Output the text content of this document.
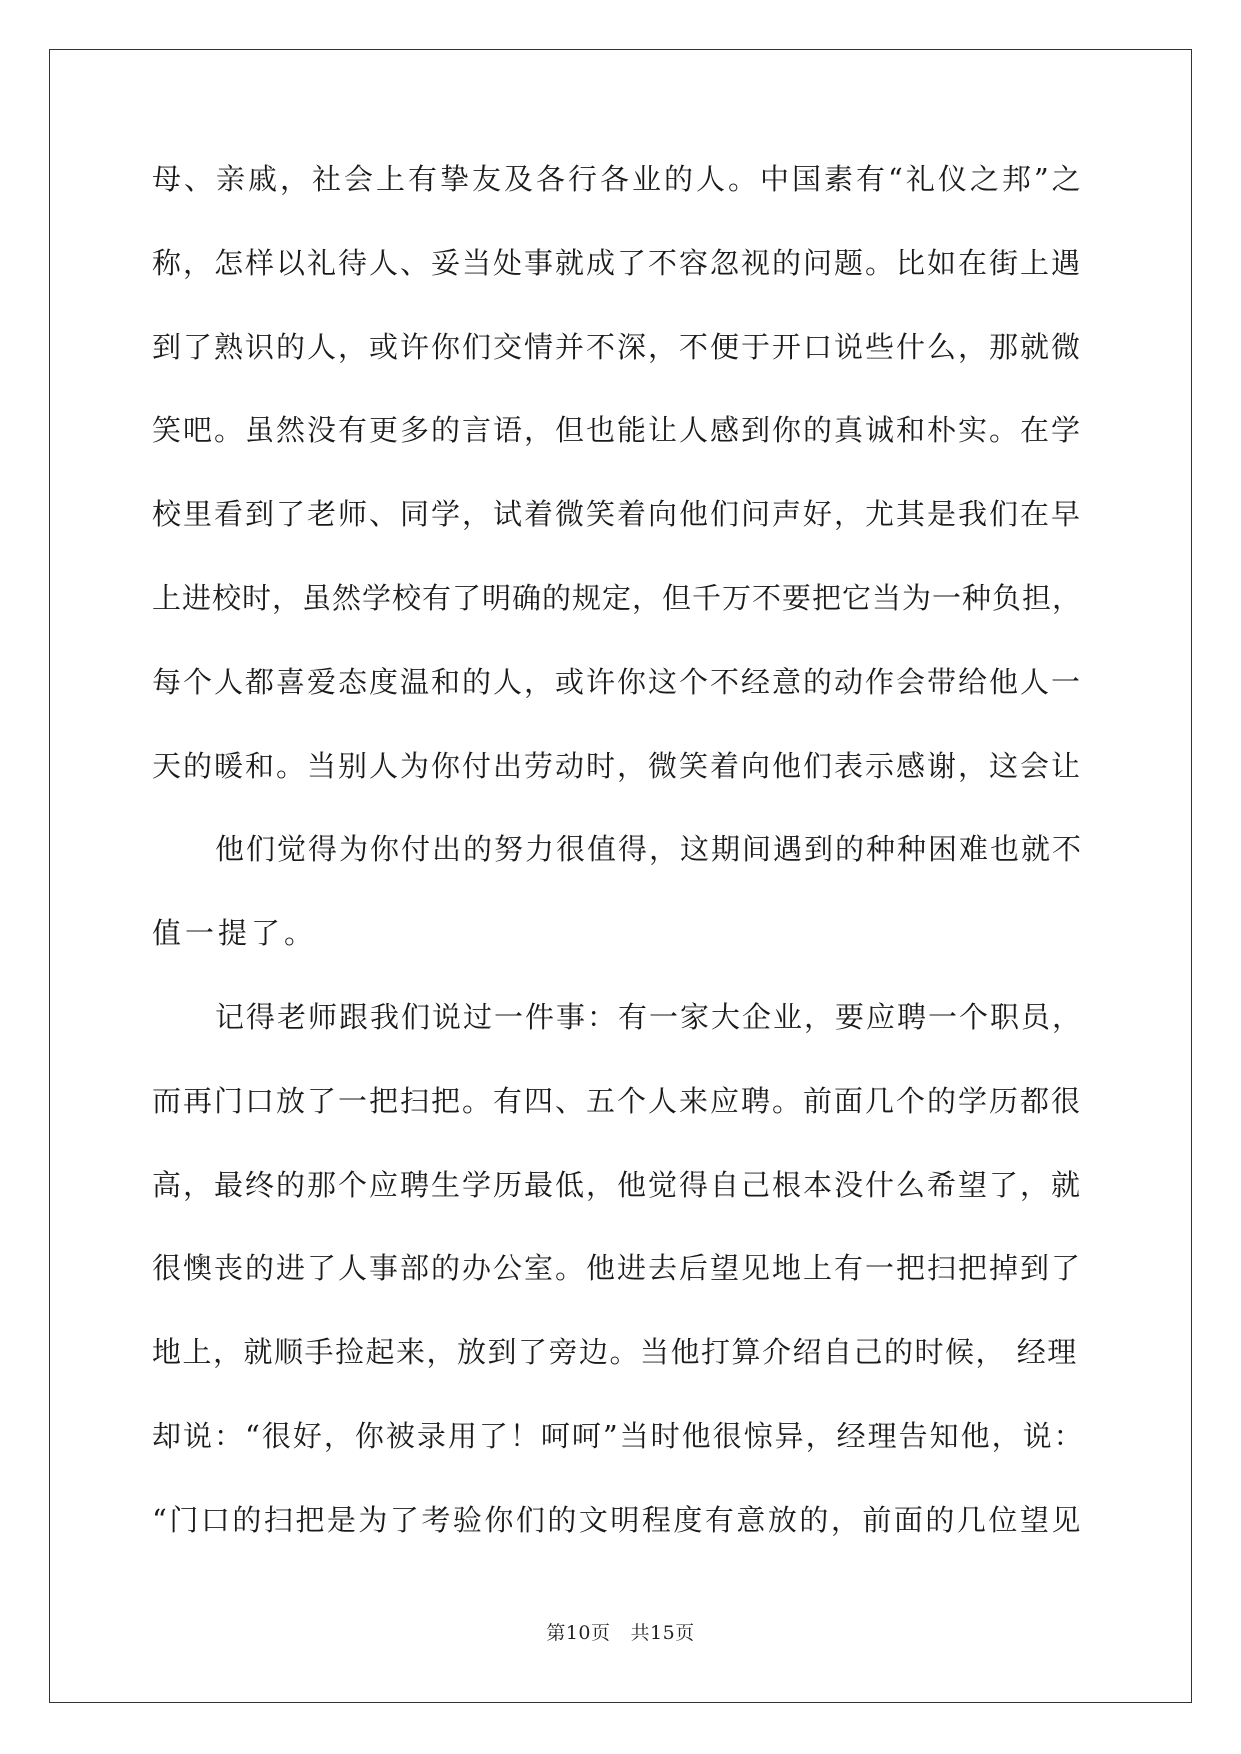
母、亲戚，社会上有挚友及各行各业的人。中国素有“礼仪之邦”之
称，怎样以礼待人、妥当处事就成了不容忽视的问题。比如在街上遇
到了熟识的人，或许你们交情并不深，不便于开口说些什么，那就微
笑吧。虽然没有更多的言语，但也能让人感到你的真诚和朴实。在学
校里看到了老师、同学，试着微笑着向他们问声好，尤其是我们在早
上进校时，虽然学校有了明确的规定，但千万不要把它当为一种负担，
每个人都喜爱态度温和的人，或许你这个不经意的动作会带给他人一
天的暖和。当别人为你付出劳动时，微笑着向他们表示感谢，这会让
他们觉得为你付出的努力很值得，这期间遇到的种种困难也就不
值一提了。
记得老师跟我们说过一件事：有一家大企业，要应聘一个职员，
而再门口放了一把扫把。有四、五个人来应聘。前面几个的学历都很
高，最终的那个应聘生学历最低，他觉得自己根本没什么希望了，就
很懊丧的进了人事部的办公室。他进去后望见地上有一把扫把掉到了
地上，就顺手捡起来，放到了旁边。当他打算介绍自己的时候， 经理
却说：“很好，你被录用了！呵呵”当时他很惊异，经理告知他，说：
“门口的扫把是为了考验你们的文明程度有意放的，前面的几位望见
第10页 共15页
